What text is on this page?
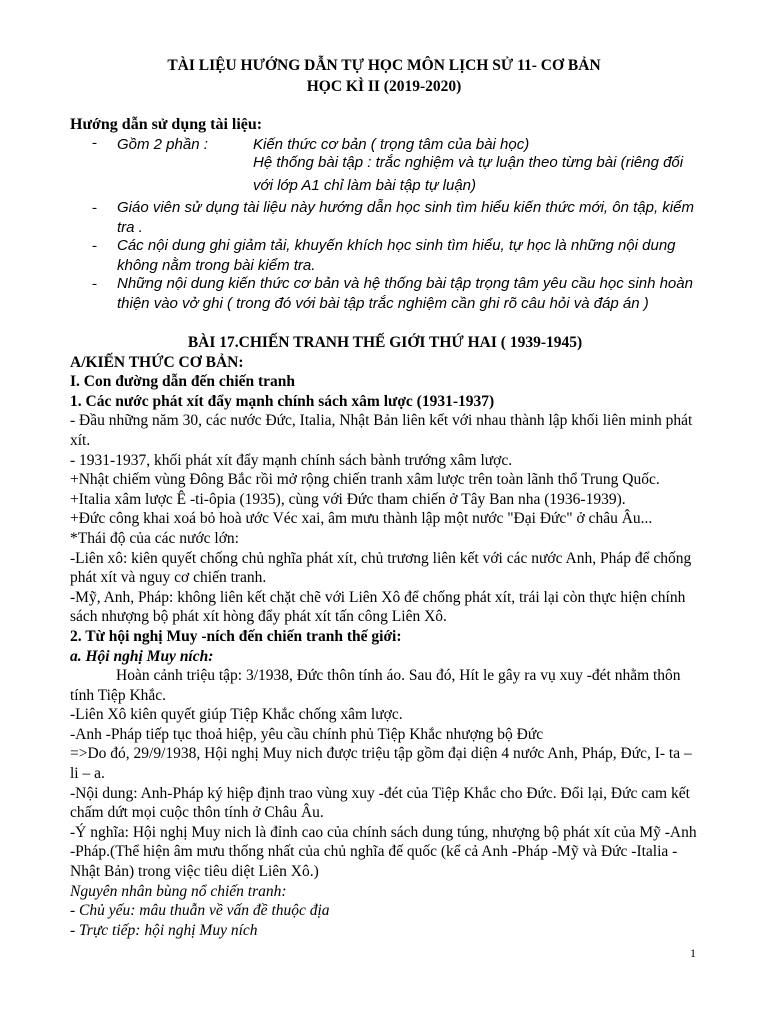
TÀI LIỆU HƯỚNG DẪN TỰ HỌC MÔN LỊCH SỬ 11- CƠ BẢN
HỌC KÌ II (2019-2020)
Hướng dẫn sử dụng tài liệu:
- Gồm 2 phần :	Kiến thức cơ bản ( trọng tâm của bài học)
Hệ thống bài tập : trắc nghiệm và tự luận theo từng bài (riêng đối
với lớp A1 chỉ làm bài tập tự luận)
- Giáo viên sử dụng tài liệu này hướng dẫn học sinh tìm hiểu kiến thức mới, ôn tập, kiểm
tra .
- Các nội dung ghi giảm tải, khuyến khích học sinh tìm hiểu, tự học là những nội dung
không nằm trong bài kiểm tra.
- Những nội dung kiến thức cơ bản và hệ thống bài tập trọng tâm yêu cầu học sinh hoàn
thiện vào vở ghi ( trong đó với bài tập trắc nghiệm cần ghi rõ câu hỏi và đáp án )

BÀI 17.CHIẾN TRANH THẾ GIỚI THỨ HAI ( 1939-1945)

A/KIẾN THỨC CƠ BẢN:

I. Con đường dẫn đến chiến tranh

1. Các nước phát xít đẩy mạnh chính sách xâm lược (1931-1937)

- Đầu những năm 30, các nước Đức, Italia, Nhật Bản liên kết với nhau thành lập khối liên minh phát xít.

- 1931-1937, khối phát xít đẩy mạnh chính sách bành trướng xâm lược.

+Nhật chiếm vùng Đông Bắc rồi mở rộng chiến tranh xâm lược trên toàn lãnh thổ Trung Quốc.

+Italia xâm lược Ê -ti-ôpia (1935), cùng với Đức tham chiến ở Tây Ban nha (1936-1939).

+Đức công khai xoá bỏ hoà ước Véc xai, âm mưu thành lập một nước "Đại Đức" ở châu Âu...

*Thái độ của các nước lớn:

-Liên xô: kiên quyết chống chủ nghĩa phát xít, chủ trương liên kết với các nước Anh, Pháp để chống phát xít và nguy cơ chiến tranh.

-Mỹ, Anh, Pháp: không liên kết chặt chẽ với Liên Xô để chống phát xít, trái lại còn thực hiện chính sách nhượng bộ phát xít hòng đẩy phát xít tấn công Liên Xô.

2. Từ hội nghị Muy -ních đến chiến tranh thế giới:

a. Hội nghị Muy ních:

Hoàn cảnh triệu tập: 3/1938, Đức thôn tính áo. Sau đó, Hít le gây ra vụ xuy -đét nhằm thôn tính Tiệp Khắc.

-Liên Xô kiên quyết giúp Tiệp Khắc chống xâm lược.

-Anh -Pháp tiếp tục thoả hiệp, yêu cầu chính phủ Tiệp Khắc nhượng bộ Đức

=>Do đó, 29/9/1938, Hội nghị Muy nich được triệu tập gồm đại diện 4 nước Anh, Pháp, Đức, I- ta – li – a.

-Nội dung: Anh-Pháp ký hiệp định trao vùng xuy -đét của Tiệp Khắc cho Đức. Đổi lại, Đức cam kết chấm dứt mọi cuộc thôn tính ở Châu Âu.

-Ý nghĩa: Hội nghị Muy nich là đỉnh cao của chính sách dung túng, nhượng bộ phát xít của Mỹ -Anh -Pháp.(Thể hiện âm mưu thống nhất của chủ nghĩa đế quốc (kể cả Anh -Pháp -Mỹ và Đức -Italia -Nhật Bản) trong việc tiêu diệt Liên Xô.)

Nguyên nhân bùng nổ chiến tranh:

- Chủ yếu: mâu thuẫn về vấn đề thuộc địa

- Trực tiếp: hội nghị Muy ních

1
